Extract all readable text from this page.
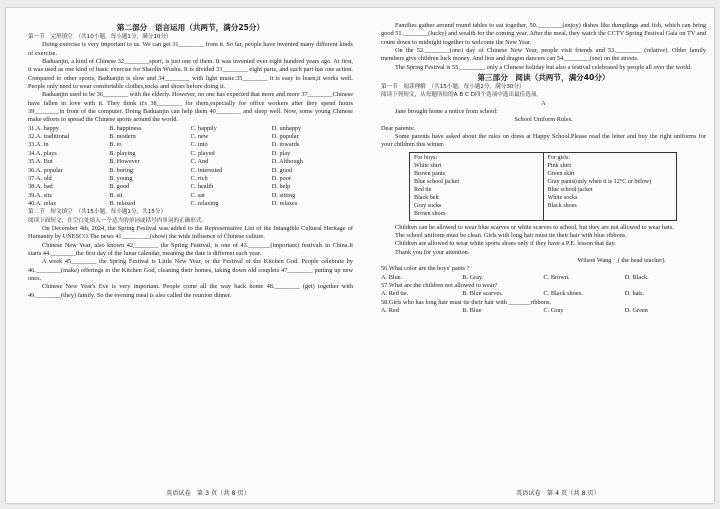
第二部分　语言运用（共两节，满分25分）

第一节　完形填空　（共10小题，每小题1分，满分10分）

Doing exercise is very important to us. We can get 31________ from it. So far, people have invented many different kinds of exercise.

Baduanjin, a kind of Chinese 32________sport, is just one of them. It was invented over eight hundred years ago. At first, it was used as one kind of basic exercise for Shaolin Wushu. It is divided 33________ eight parts, and each part has one action. Compared to other sports, Baduanjin is slow and 34________ with light music.35________ it is easy to learn,it works well. People only need to wear comfortable clothes,socks and shoes before doing it.

Baduanjin used to be 36________ with the elderly. However, no one has expected that more and more 37________Chinese have fallen in love with it. They think it's 38________ for them,especially for office workers after they spend hours 39________in front of the computer. Doing Baduanjin can help them 40________ and sleep well. Now, some young Chinese make efforts to spread the Chinese sports around the world.

31.A. happy	B. happiness	C. happily	D. unhappy
32.A. traditional	B. modern	C. new	D. popular
33.A. in	B. to	C. into	D. towards
34.A. plays	B. playing	C. played	D. play
35.A. But	B. However	C. And	D. Although
36.A. popular	B. boring	C. interested	D. good
37.A. old	B. young	C. rich	D. poor
38.A. bad	B. good	C. health	D. help
39.A. sits	B. sit	C. sat	D. sitting
40.A. relax	B. relaxed	C. relaxing	D. relaxes

第二节　短文填空　（共15小题，每小题1分，共15分）

阅读下面短文，在空白处填入一个适当的单词或括号内单词的正确形式。

On December 4th, 2024, the Spring Festival was added to the Representative List of the Intangible Cultural Heritage of Humanity by UNESCO.The news 41_________(show) the wide influence of Chinese culture.

Chinese New Year, also known 42________ the Spring Festival, is one of 43._______(important) festivals in China.It starts 44.________the first day of the lunar calendar, meaning the date is different each year.

A week 45________ the Spring Festival is Little New Year, or the Festival of the Kitchen God. People celebrate by 46.________(make) offerings to the Kitchen God, cleaning their homes, taking down old couplets 47________ putting up new ones.

Chinese New Year's Eve is very important. People come all the way back home 48.________ (get) together with 49.________(they) family. So the evening meal is also called the reunion dinner.

Families gather around round tables to eat together, 50.________(enjoy) dishes like dumplings and fish, which can bring good 51.________(lucky) and wealth for the coming year. After the meal, they watch the CCTV Spring Festival Gala on TV and count down to midnight together to welcome the New Year.

On the 52.________(one) day of Chinese New Year, people visit friends and 53.________ (relative). Older family members give children luck money. And lion and dragon dancers can 54.________(see) on the streets.

The Spring Festival is 55.________ only a Chinese holiday but also a festival celebrated by people all over the world.

第三部分　阅读（共两节，满分40分）

第一节　阅读理解　（共15小题，每小题2分，满分30分）

阅读下列短文，从每题所给的A B C D四个选项中选出最佳选项。

A

Jane brought home a notice from school:

School Uniform Rules.

Dear parents:

Some parents have asked about the rules on dress at Happy School.Please read the letter and buy the right uniforms for your children this winter.

For boys:
White shirt
Brown pants
Blue school jacket
Red tie
Black belt
Gray socks
Brown shoes

For girls:
Pink shirt
Green skirt
Gray pants(only when it is 12°C.or below)
Blue school jacket
White socks
Black shoes

Children can be allowed to wear blue scarves or white scarves to school, but they are not allowed to wear hats.

The school uniform must be clean. Girls with long hair must tie their hair with blue ribbons.

Children are allowed to wear white sports shoes only if they have a P.E. lesson that day.

Thank you for your attention.

Wilson Wang　( the head teacher).

56.What color are the boys' pants ?

A. Blue.	B. Gray.	C. Brown.	D. Black.

57.What are the children not allowed to wear?

A. Red tie.	B. Blue scarves.	C. Black shoes.	D. hats.

58.Girls who has long hair must tie their hair with _______ribbons.

A. Red	B. Blue	C. Gray	D. Green
英语试卷　第 3 页（共 8 页）	英语试卷　第 4 页（共 8 页）
